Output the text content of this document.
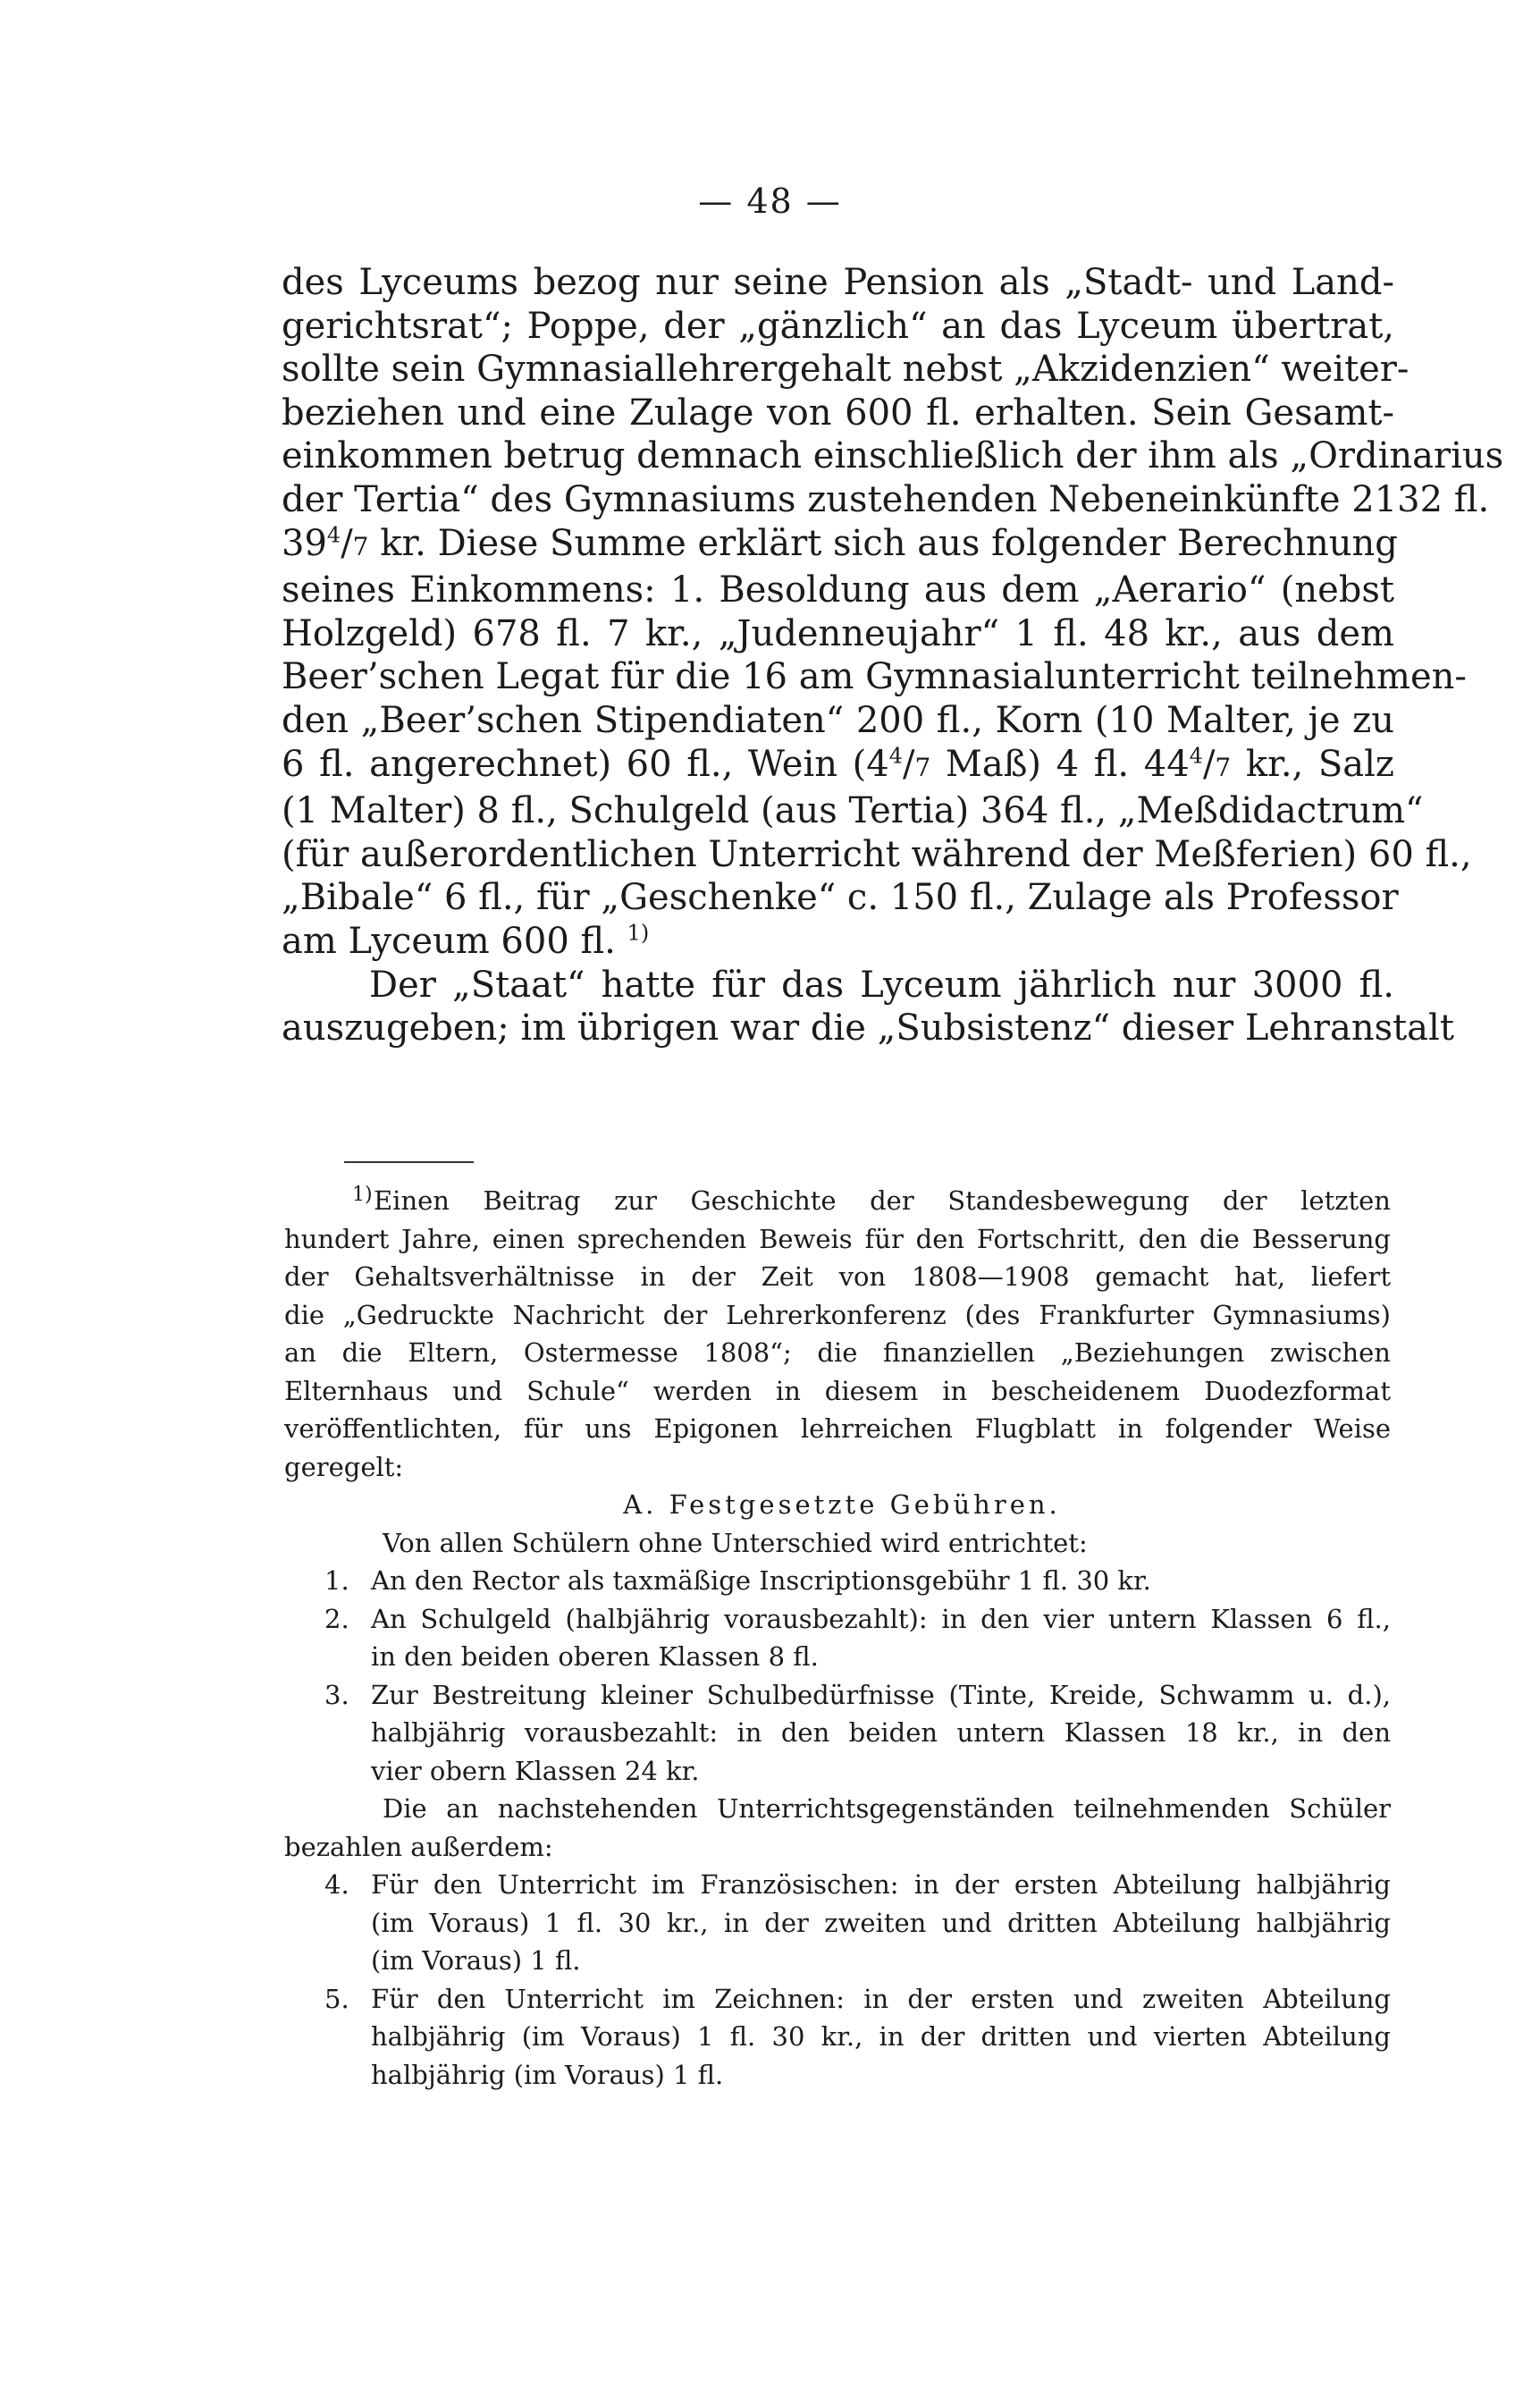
— 48 —
des Lyceums bezog nur seine Pension als „Stadt- und Land-
gerichtsrat“; Poppe, der „gänzlich“ an das Lyceum übertrat,
sollte sein Gymnasiallehrergehalt nebst „Akzidenzien“ weiter-
beziehen und eine Zulage von 600 fl. erhalten. Sein Gesamt-
einkommen betrug demnach einschließlich der ihm als „Ordinarius
der Tertia“ des Gymnasiums zustehenden Nebeneinkünfte 2132 fl.
$39^4/7$ kr. Diese Summe erklärt sich aus folgender Berechnung
seines Einkommens: 1. Besoldung aus dem „Aerario“ (nebst
Holzgeld) 678 fl. 7 kr., „Judenneujahr“ 1 fl. 48 kr., aus dem
Beer’schen Legat für die 16 am Gymnasialunterricht teilnehmen-
den „Beer’schen Stipendiaten“ 200 fl., Korn (10 Malter, je zu
6 fl. angerechnet) 60 fl., Wein ($4^4/7$ Maß) 4 fl. $44^4/7$ kr., Salz
(1 Malter) 8 fl., Schulgeld (aus Tertia) 364 fl., „Meßdidactrum“
(für außerordentlichen Unterricht während der Meßferien) 60 fl.,
„Bibale“ 6 fl., für „Geschenke“ c. 150 fl., Zulage als Professor
am Lyceum 600 fl. $^{1)}$
Der „Staat“ hatte für das Lyceum jährlich nur 3000 fl.
auszugeben; im übrigen war die „Subsistenz“ dieser Lehranstalt
1) Einen Beitrag zur Geschichte der Standesbewegung der letzten
hundert Jahre, einen sprechenden Beweis für den Fortschritt, den die Besserung
der Gehaltsverhältnisse in der Zeit von 1808—1908 gemacht hat, liefert
die „Gedruckte Nachricht der Lehrerkonferenz (des Frankfurter Gymnasiums)
an die Eltern, Ostermesse 1808“; die finanziellen „Beziehungen zwischen
Elternhaus und Schule“ werden in diesem in bescheidenem Duodezformat
veröffentlichten, für uns Epigonen lehrreichen Flugblatt in folgender Weise
geregelt:
A. Festgesetzte Gebühren.
Von allen Schülern ohne Unterschied wird entrichtet:
1. An den Rector als taxmäßige Inscriptionsgebühr 1 fl. 30 kr.
2. An Schulgeld (halbjährig vorausbezahlt): in den vier untern Klassen 6 fl.,
in den beiden oberen Klassen 8 fl.
3. Zur Bestreitung kleiner Schulbedürfnisse (Tinte, Kreide, Schwamm u. d.),
halbjährig vorausbezahlt: in den beiden untern Klassen 18 kr., in den
vier obern Klassen 24 kr.
Die an nachstehenden Unterrichtsgegenständen teilnehmenden Schüler
bezahlen außerdem:
4. Für den Unterricht im Französischen: in der ersten Abteilung halbjährig
(im Voraus) 1 fl. 30 kr., in der zweiten und dritten Abteilung halbjährig
(im Voraus) 1 fl.
5. Für den Unterricht im Zeichnen: in der ersten und zweiten Abteilung
halbjährig (im Voraus) 1 fl. 30 kr., in der dritten und vierten Abteilung
halbjährig (im Voraus) 1 fl.
